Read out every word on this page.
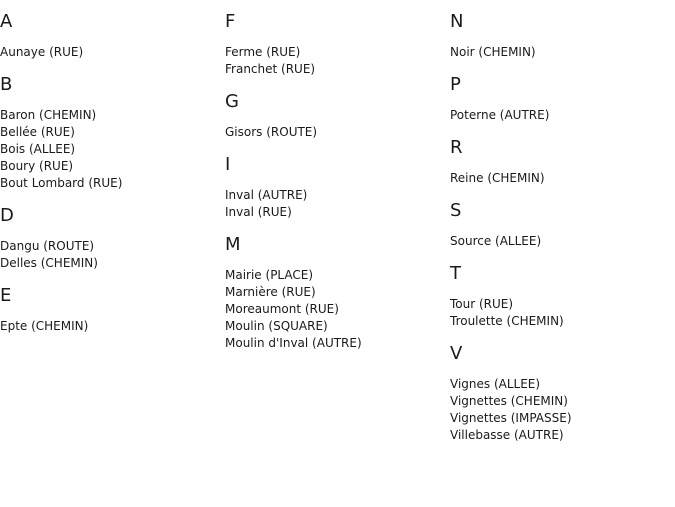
A
Aunaye (RUE)
B
Baron (CHEMIN)
Bellée (RUE)
Bois (ALLEE)
Boury (RUE)
Bout Lombard (RUE)
D
Dangu (ROUTE)
Delles (CHEMIN)
E
Epte (CHEMIN)
F
Ferme (RUE)
Franchet (RUE)
G
Gisors (ROUTE)
I
Inval (AUTRE)
Inval (RUE)
M
Mairie (PLACE)
Marnière (RUE)
Moreaumont (RUE)
Moulin (SQUARE)
Moulin d'Inval (AUTRE)
N
Noir (CHEMIN)
P
Poterne (AUTRE)
R
Reine (CHEMIN)
S
Source (ALLEE)
T
Tour (RUE)
Troulette (CHEMIN)
V
Vignes (ALLEE)
Vignettes (CHEMIN)
Vignettes (IMPASSE)
Villebasse (AUTRE)
